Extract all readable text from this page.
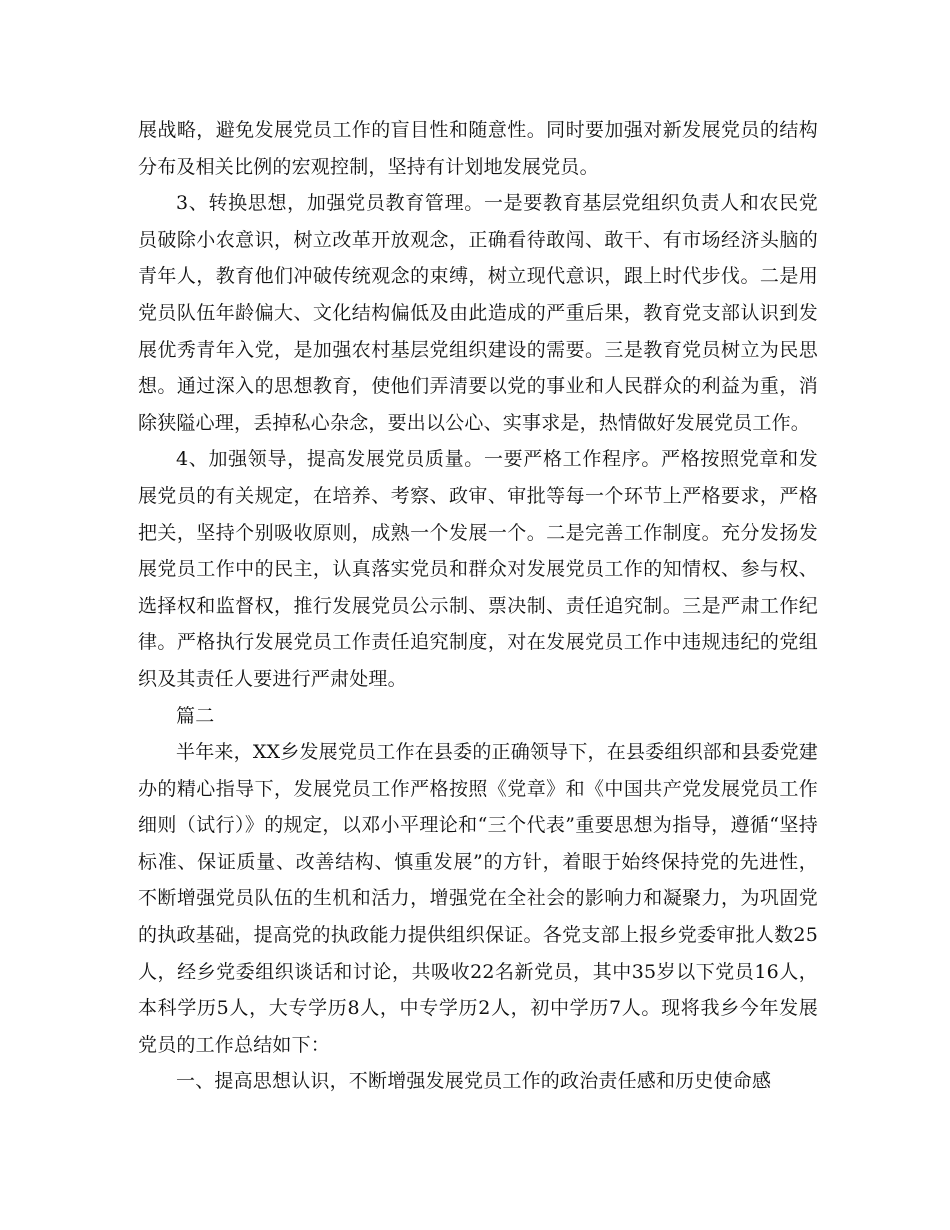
展战略，避免发展党员工作的盲目性和随意性。同时要加强对新发展党员的结构分布及相关比例的宏观控制，坚持有计划地发展党员。

3、转换思想，加强党员教育管理。一是要教育基层党组织负责人和农民党员破除小农意识，树立改革开放观念，正确看待敢闯、敢干、有市场经济头脑的青年人，教育他们冲破传统观念的束缚，树立现代意识，跟上时代步伐。二是用党员队伍年龄偏大、文化结构偏低及由此造成的严重后果，教育党支部认识到发展优秀青年入党，是加强农村基层党组织建设的需要。三是教育党员树立为民思想。通过深入的思想教育，使他们弄清要以党的事业和人民群众的利益为重，消除狭隘心理，丢掉私心杂念，要出以公心、实事求是，热情做好发展党员工作。

4、加强领导，提高发展党员质量。一要严格工作程序。严格按照党章和发展党员的有关规定，在培养、考察、政审、审批等每一个环节上严格要求，严格把关，坚持个别吸收原则，成熟一个发展一个。二是完善工作制度。充分发扬发展党员工作中的民主，认真落实党员和群众对发展党员工作的知情权、参与权、选择权和监督权，推行发展党员公示制、票决制、责任追究制。三是严肃工作纪律。严格执行发展党员工作责任追究制度，对在发展党员工作中违规违纪的党组织及其责任人要进行严肃处理。

篇二

半年来，XX乡发展党员工作在县委的正确领导下，在县委组织部和县委党建办的精心指导下，发展党员工作严格按照《党章》和《中国共产党发展党员工作细则（试行）》的规定，以邓小平理论和“三个代表”重要思想为指导，遵循“坚持标准、保证质量、改善结构、慎重发展”的方针，着眼于始终保持党的先进性，不断增强党员队伍的生机和活力，增强党在全社会的影响力和凝聚力，为巩固党的执政基础，提高党的执政能力提供组织保证。各党支部上报乡党委审批人数25人，经乡党委组织谈话和讨论，共吸收22名新党员，其中35岁以下党员16人，本科学历5人，大专学历8人，中专学历2人，初中学历7人。现将我乡今年发展党员的工作总结如下：

一、提高思想认识，不断增强发展党员工作的政治责任感和历史使命感
